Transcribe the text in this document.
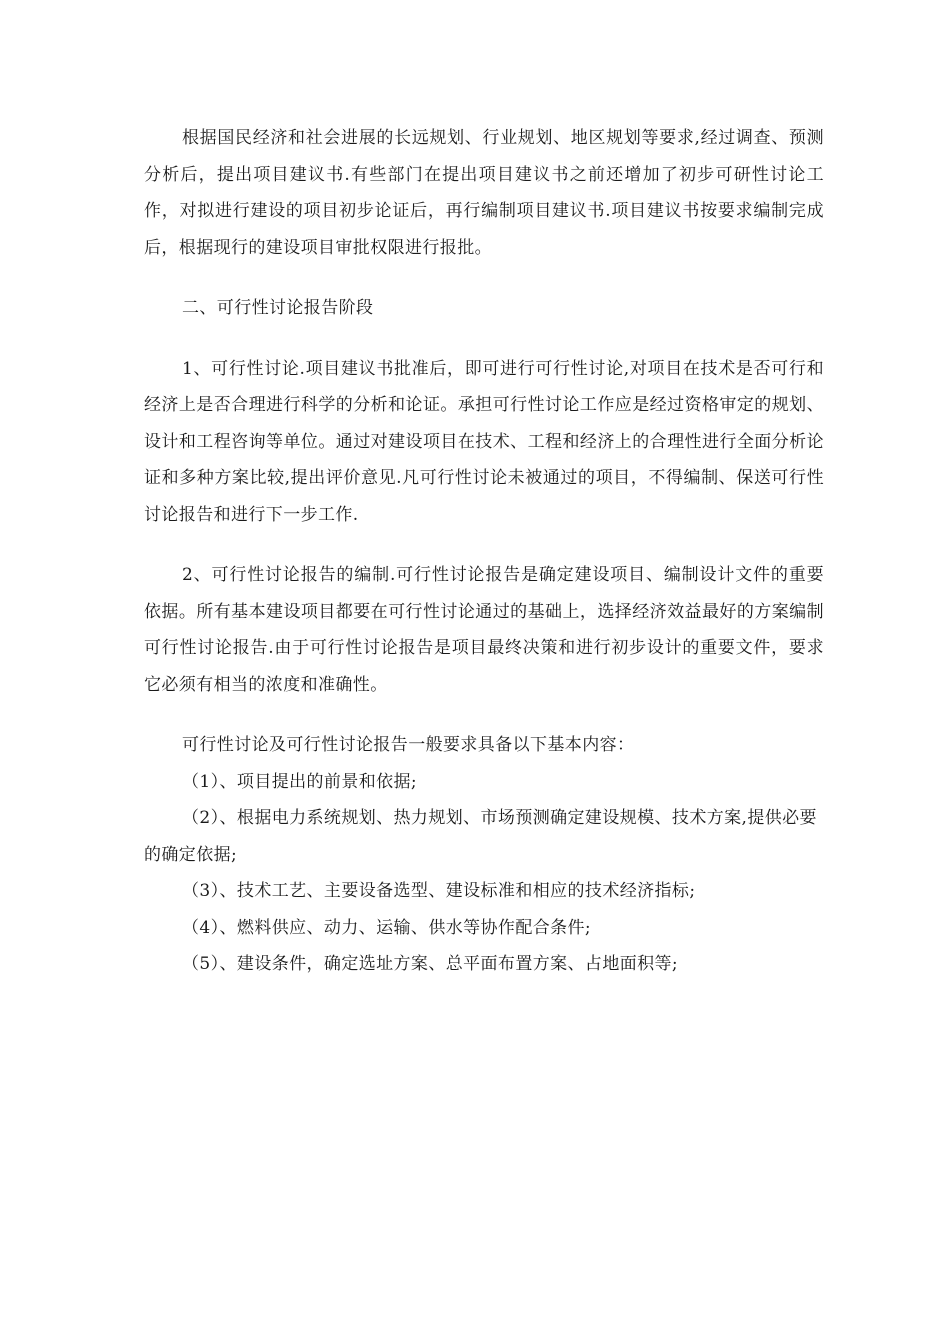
根据国民经济和社会进展的长远规划、行业规划、地区规划等要求,经过调查、预测分析后，提出项目建议书.有些部门在提出项目建议书之前还增加了初步可研性讨论工作，对拟进行建设的项目初步论证后，再行编制项目建议书.项目建议书按要求编制完成后，根据现行的建设项目审批权限进行报批。

二、可行性讨论报告阶段

1、可行性讨论.项目建议书批准后，即可进行可行性讨论,对项目在技术是否可行和经济上是否合理进行科学的分析和论证。承担可行性讨论工作应是经过资格审定的规划、设计和工程咨询等单位。通过对建设项目在技术、工程和经济上的合理性进行全面分析论证和多种方案比较,提出评价意见.凡可行性讨论未被通过的项目，不得编制、保送可行性讨论报告和进行下一步工作.

2、可行性讨论报告的编制.可行性讨论报告是确定建设项目、编制设计文件的重要依据。所有基本建设项目都要在可行性讨论通过的基础上，选择经济效益最好的方案编制可行性讨论报告.由于可行性讨论报告是项目最终决策和进行初步设计的重要文件，要求它必须有相当的浓度和准确性。

可行性讨论及可行性讨论报告一般要求具备以下基本内容：

（1）、项目提出的前景和依据;

（2）、根据电力系统规划、热力规划、市场预测确定建设规模、技术方案,提供必要的确定依据;

（3）、技术工艺、主要设备选型、建设标准和相应的技术经济指标;

（4）、燃料供应、动力、运输、供水等协作配合条件;

（5）、建设条件，确定选址方案、总平面布置方案、占地面积等;
